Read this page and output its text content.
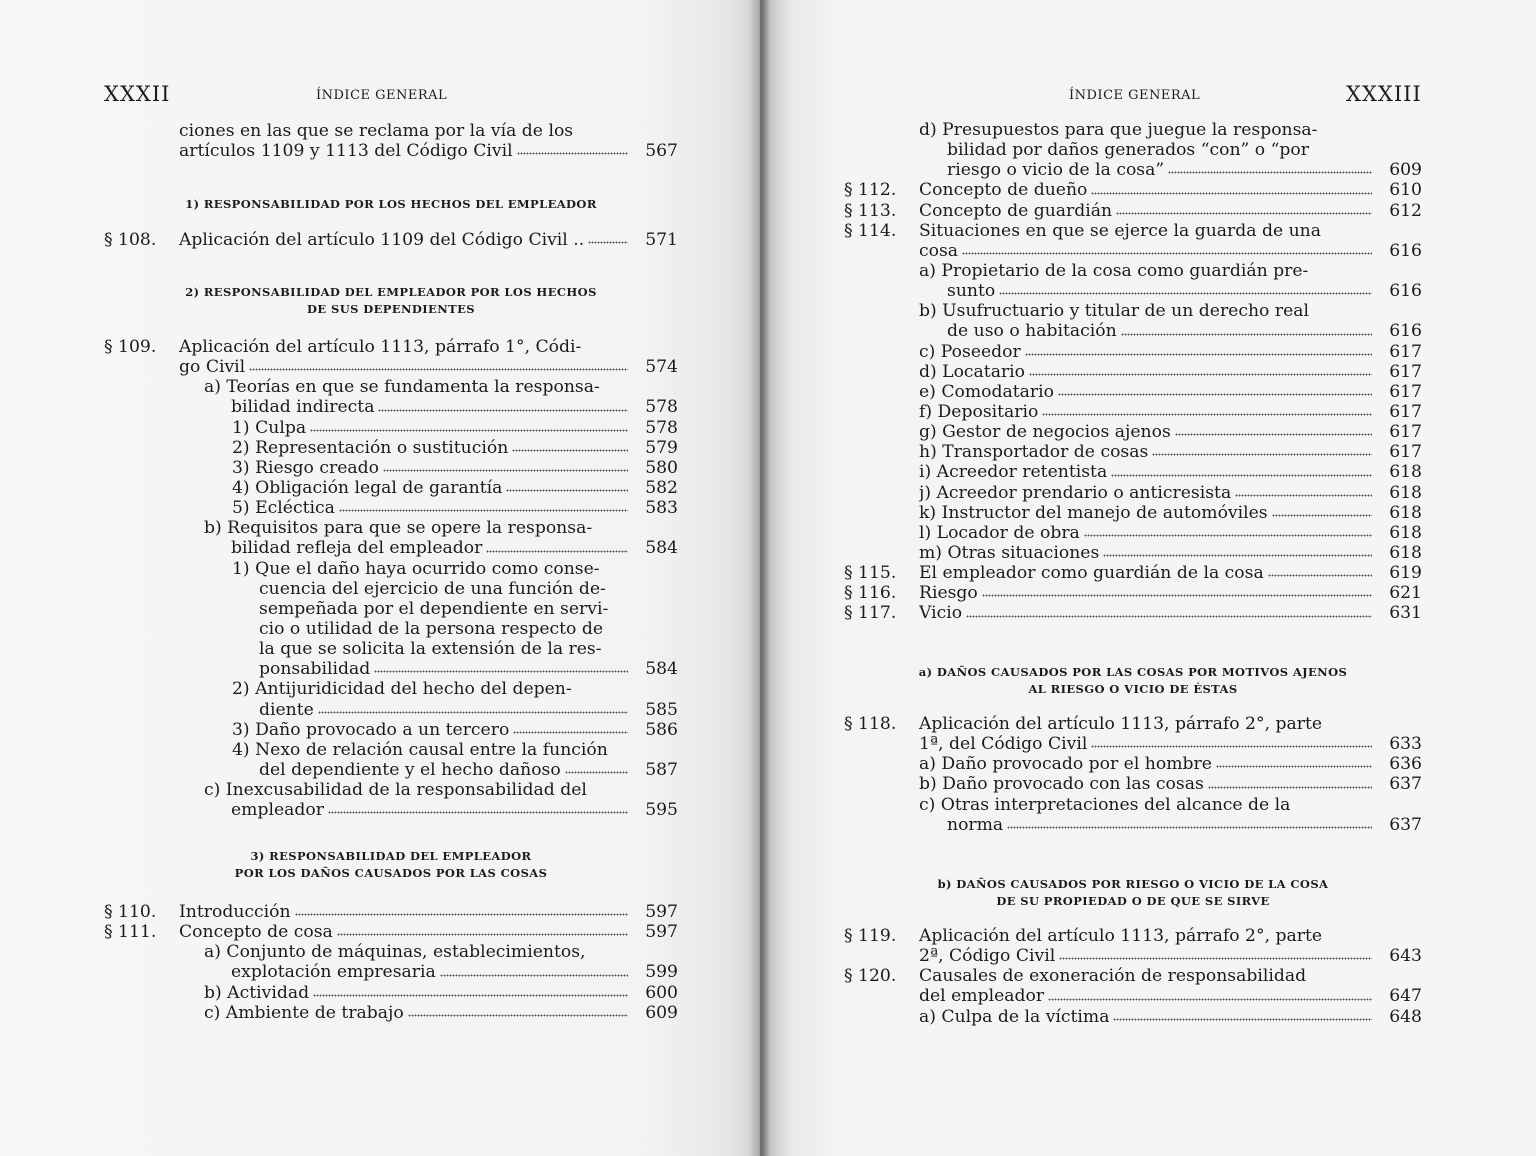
XXXII	ÍNDICE GENERAL
ciones en las que se reclama por la vía de los
artículos 1109 y 1113 del Código Civil	567
1) RESPONSABILIDAD POR LOS HECHOS DEL EMPLEADOR
§ 108. Aplicación del artículo 1109 del Código Civil ..	571
2) RESPONSABILIDAD DEL EMPLEADOR POR LOS HECHOS
DE SUS DEPENDIENTES
§ 109. Aplicación del artículo 1113, párrafo 1°, Códi-
go Civil	574
a) Teorías en que se fundamenta la responsa-
bilidad indirecta	578
1) Culpa	578
2) Representación o sustitución	579
3) Riesgo creado	580
4) Obligación legal de garantía	582
5) Ecléctica	583
b) Requisitos para que se opere la responsa-
bilidad refleja del empleador	584
1) Que el daño haya ocurrido como conse-
cuencia del ejercicio de una función de-
sempeñada por el dependiente en servi-
cio o utilidad de la persona respecto de
la que se solicita la extensión de la res-
ponsabilidad	584
2) Antijuridicidad del hecho del depen-
diente	585
3) Daño provocado a un tercero	586
4) Nexo de relación causal entre la función
del dependiente y el hecho dañoso	587
c) Inexcusabilidad de la responsabilidad del
empleador	595
3) RESPONSABILIDAD DEL EMPLEADOR
POR LOS DAÑOS CAUSADOS POR LAS COSAS
§ 110. Introducción	597
§ 111. Concepto de cosa	597
a) Conjunto de máquinas, establecimientos,
explotación empresaria	599
b) Actividad	600
c) Ambiente de trabajo	609
ÍNDICE GENERAL	XXXIII
d) Presupuestos para que juegue la responsa-
bilidad por daños generados “con” o “por
riesgo o vicio de la cosa”	609
§ 112. Concepto de dueño	610
§ 113. Concepto de guardián	612
§ 114. Situaciones en que se ejerce la guarda de una
cosa	616
a) Propietario de la cosa como guardián pre-
sunto	616
b) Usufructuario y titular de un derecho real
de uso o habitación	616
c) Poseedor	617
d) Locatario	617
e) Comodatario	617
f) Depositario	617
g) Gestor de negocios ajenos	617
h) Transportador de cosas	617
i) Acreedor retentista	618
j) Acreedor prendario o anticresista	618
k) Instructor del manejo de automóviles	618
l) Locador de obra	618
m) Otras situaciones	618
§ 115. El empleador como guardián de la cosa	619
§ 116. Riesgo	621
§ 117. Vicio	631
a) DAÑOS CAUSADOS POR LAS COSAS POR MOTIVOS AJENOS
AL RIESGO O VICIO DE ÉSTAS
§ 118. Aplicación del artículo 1113, párrafo 2°, parte
1ª, del Código Civil	633
a) Daño provocado por el hombre	636
b) Daño provocado con las cosas	637
c) Otras interpretaciones del alcance de la
norma	637
b) DAÑOS CAUSADOS POR RIESGO O VICIO DE LA COSA
DE SU PROPIEDAD O DE QUE SE SIRVE
§ 119. Aplicación del artículo 1113, párrafo 2°, parte
2ª, Código Civil	643
§ 120. Causales de exoneración de responsabilidad
del empleador	647
a) Culpa de la víctima	648
